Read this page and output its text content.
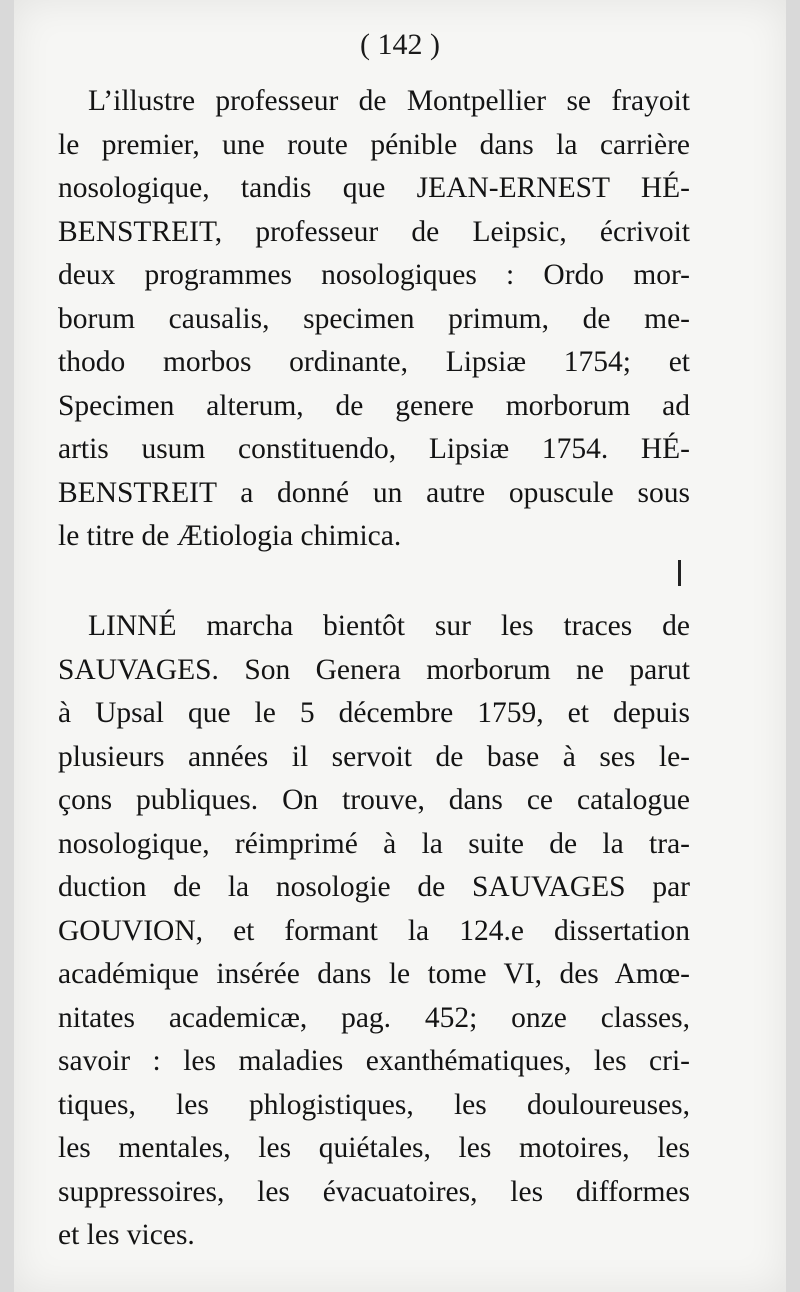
( 142 )
L’illustre professeur de Montpellier se frayoit
le premier, une route pénible dans la carrière
nosologique, tandis que JEAN-ERNEST HÉ-
BENSTREIT, professeur de Leipsic, écrivoit
deux programmes nosologiques : Ordo mor-
borum causalis, specimen primum, de me-
thodo morbos ordinante, Lipsiæ 1754; et
Specimen alterum, de genere morborum ad
artis usum constituendo, Lipsiæ 1754. HÉ-
BENSTREIT a donné un autre opuscule sous
le titre de Ætiologia chimica.
LINNÉ marcha bientôt sur les traces de
SAUVAGES. Son Genera morborum ne parut
à Upsal que le 5 décembre 1759, et depuis
plusieurs années il servoit de base à ses le-
çons publiques. On trouve, dans ce catalogue
nosologique, réimprimé à la suite de la tra-
duction de la nosologie de SAUVAGES par
GOUVION, et formant la 124.e dissertation
académique insérée dans le tome VI, des Amœ-
nitates academicæ, pag. 452; onze classes,
savoir : les maladies exanthématiques, les cri-
tiques, les phlogistiques, les douloureuses,
les mentales, les quiétales, les motoires, les
suppressoires, les évacuatoires, les difformes
et les vices.
